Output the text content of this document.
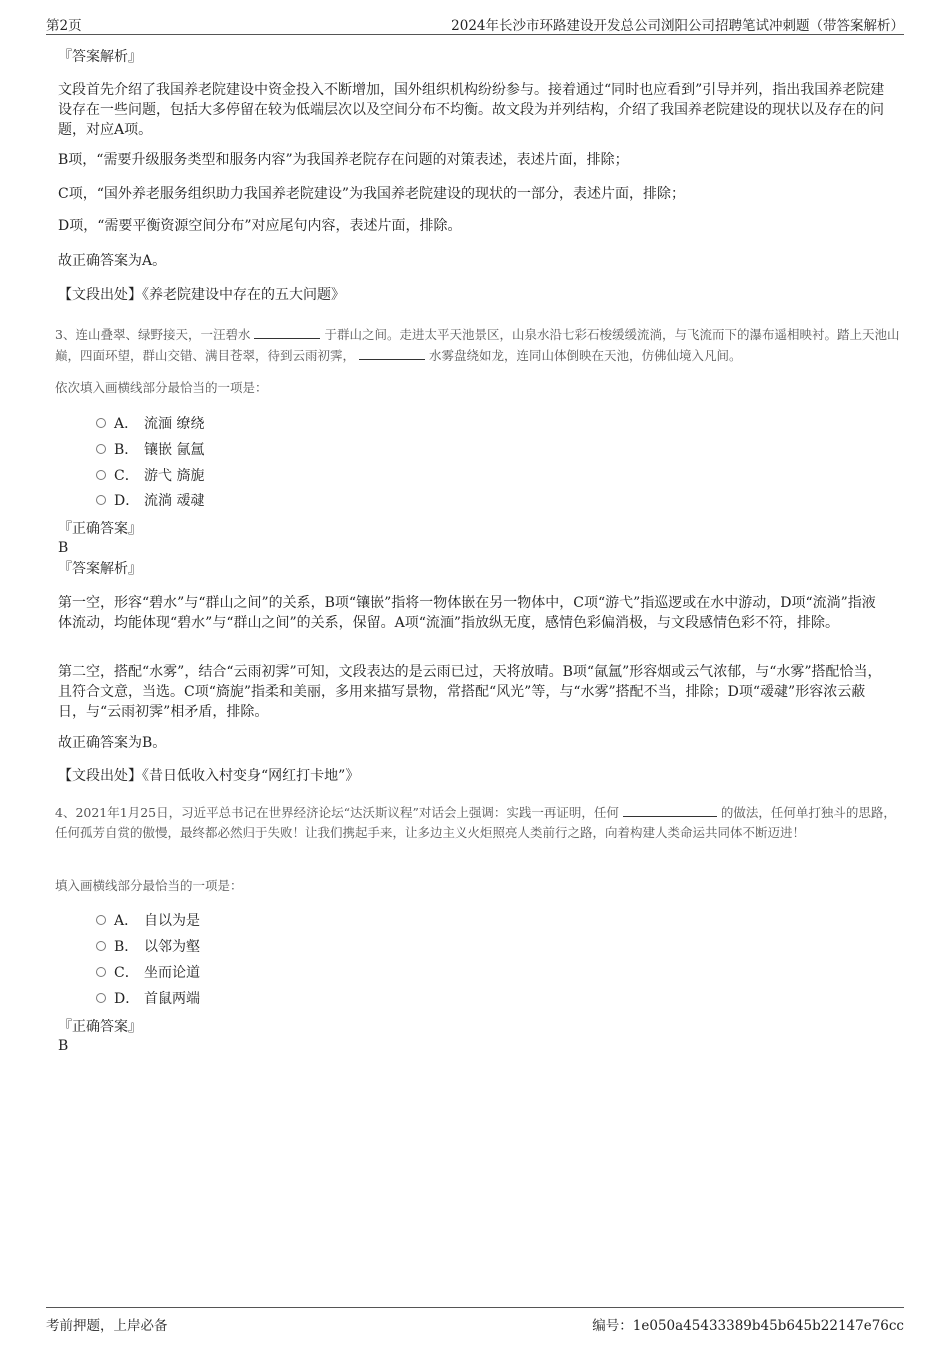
第2页	2024年长沙市环路建设开发总公司浏阳公司招聘笔试冲刺题（带答案解析）
『答案解析』
文段首先介绍了我国养老院建设中资金投入不断增加，国外组织机构纷纷参与。接着通过“同时也应看到”引导并列，指出我国养老院建设存在一些问题，包括大多停留在较为低端层次以及空间分布不均衡。故文段为并列结构，介绍了我国养老院建设的现状以及存在的问题，对应A项。
B项，“需要升级服务类型和服务内容”为我国养老院存在问题的对策表述，表述片面，排除；
C项，“国外养老服务组织助力我国养老院建设”为我国养老院建设的现状的一部分，表述片面，排除；
D项，“需要平衡资源空间分布”对应尾句内容，表述片面，排除。
故正确答案为A。
【文段出处】《养老院建设中存在的五大问题》
3、连山叠翠、绿野接天，一汪碧水	于群山之间。走进太平天池景区，山泉水沿七彩石梭缓缓流淌，与飞流而下的瀑布遥相映衬。踏上天池山巅，四面环望，群山交错、满目苍翠，待到云雨初霁，	水雾盘绕如龙，连同山体倒映在天池，仿佛仙境入凡间。
依次填入画横线部分最恰当的一项是：
A． 流湎 缭绕
B． 镶嵌 氤氲
C． 游弋 旖旎
D． 流淌 叆叇
『正确答案』
B
『答案解析』
第一空，形容“碧水”与“群山之间”的关系，B项“镶嵌”指将一物体嵌在另一物体中，C项“游弋”指巡逻或在水中游动，D项“流淌”指液体流动，均能体现“碧水”与“群山之间”的关系，保留。A项“流湎”指放纵无度，感情色彩偏消极，与文段感情色彩不符，排除。
第二空，搭配“水雾”，结合“云雨初霁”可知，文段表达的是云雨已过，天将放晴。B项“氤氲”形容烟或云气浓郁，与“水雾”搭配恰当，且符合文意，当选。C项“旖旎”指柔和美丽，多用来描写景物，常搭配“风光”等，与“水雾”搭配不当，排除；D项“叆叇”形容浓云蔽日，与“云雨初霁”相矛盾，排除。
故正确答案为B。
【文段出处】《昔日低收入村变身“网红打卡地”》
4、2021年1月25日，习近平总书记在世界经济论坛“达沃斯议程”对话会上强调：实践一再证明，任何	的做法，任何单打独斗的思路，任何孤芳自赏的傲慢，最终都必然归于失败！让我们携起手来，让多边主义火炬照亮人类前行之路，向着构建人类命运共同体不断迈进！
填入画横线部分最恰当的一项是：
A． 自以为是
B． 以邻为壑
C． 坐而论道
D． 首鼠两端
『正确答案』
B
考前押题，上岸必备	编号：1e050a45433389b45b645b22147e76cc
